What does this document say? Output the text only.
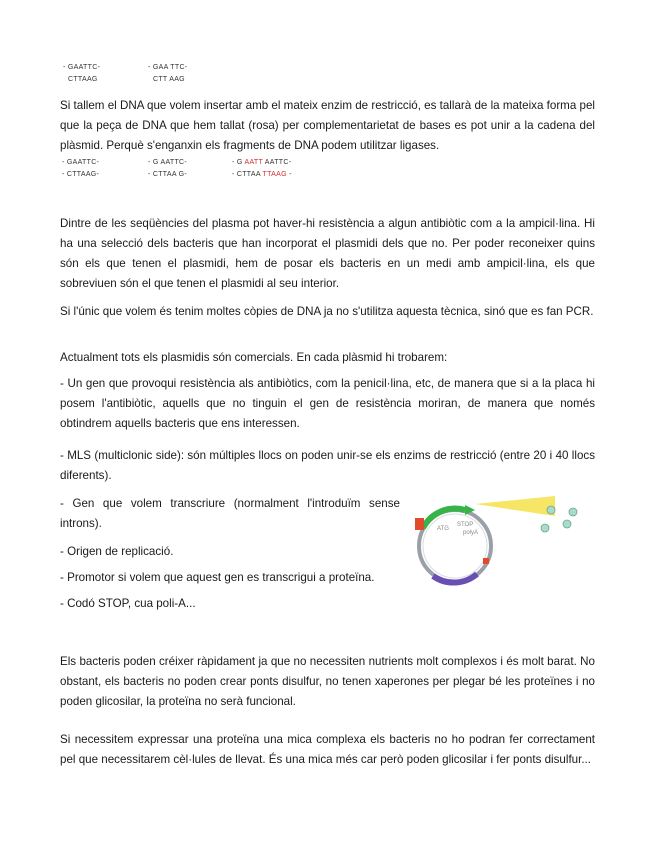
- GAATTC-
CTTAAG
- GAA TTC-
CTT AAG

Si tallem el DNA que volem insertar amb el mateix enzim de restricció, es tallarà de la mateixa forma pel que la peça de DNA que hem tallat (rosa) per complementarietat de bases es pot unir a la cadena del plàsmid. Perquè s'enganxin els fragments de DNA podem utilitzar ligases.

- GAATTC-
- CTTAAG-
- G AATTC-
- CTTAA G-
- G AATT AATTC-
- CTTAA TTAAG -

Dintre de les seqüències del plasma pot haver-hi resistència a algun antibiòtic com a la ampicil·lina. Hi ha una selecció dels bacteris que han incorporat el plasmidi dels que no. Per poder reconeixer quins són els que tenen el plasmidi, hem de posar els bacteris en un medi amb ampicil·lina, els que sobreviuen són el que tenen el plasmidi al seu interior.

Si l'únic que volem és tenim moltes còpies de DNA ja no s'utilitza aquesta tècnica, sinó que es fan PCR.

Actualment tots els plasmidis són comercials. En cada plàsmid hi trobarem:

- Un gen que provoqui resistència als antibiòtics, com la penicil·lina, etc, de manera que si a la placa hi posem l'antibiòtic, aquells que no tinguin el gen de resistència moriran, de manera que només obtindrem aquells bacteris que ens interessen.

- MLS (multiclonic side): són múltiples llocs on poden unir-se els enzims de restricció (entre 20 i 40 llocs diferents).

- Gen que volem transcriure (normalment l'introduïm sense introns).

- Origen de replicació.

- Promotor si volem que aquest gen es transcrigui a proteïna.

- Codó STOP, cua poli-A...

ATG
STOP
polyA

Els bacteris poden créixer ràpidament ja que no necessiten nutrients molt complexos i és molt barat. No obstant, els bacteris no poden crear ponts disulfur, no tenen xaperones per plegar bé les proteïnes i no poden glicosilar, la proteïna no serà funcional.

Si necessitem expressar una proteïna una mica complexa els bacteris no ho podran fer correctament pel que necessitarem cèl·lules de llevat. És una mica més car però poden glicosilar i fer ponts disulfur...
